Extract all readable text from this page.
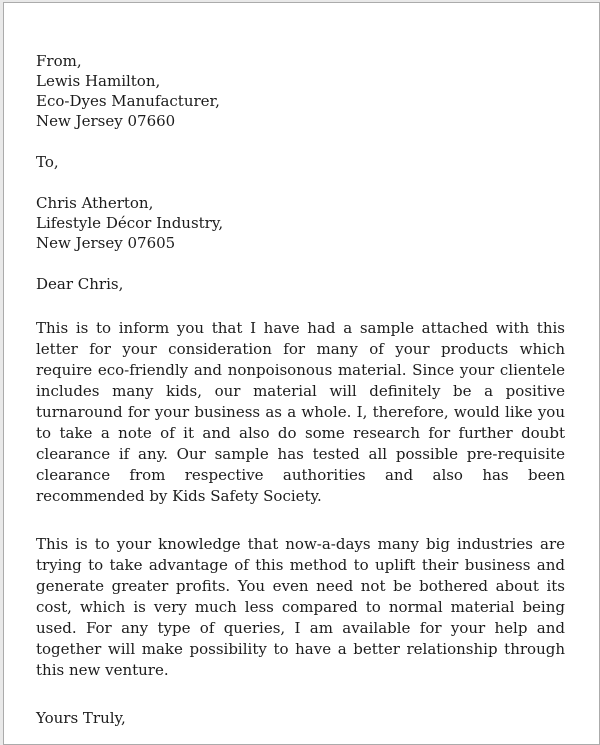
From,
Lewis Hamilton,
Eco-Dyes Manufacturer,
New Jersey 07660
To,
Chris Atherton,
Lifestyle Décor Industry,
New Jersey 07605

Dear Chris,

This is to inform you that I have had a sample attached with this letter for your consideration for many of your products which require eco-friendly and nonpoisonous material. Since your clientele includes many kids, our material will definitely be a positive turnaround for your business as a whole. I, therefore, would like you to take a note of it and also do some research for further doubt clearance if any. Our sample has tested all possible pre-requisite clearance from respective authorities and also has been recommended by Kids Safety Society.

This is to your knowledge that now-a-days many big industries are trying to take advantage of this method to uplift their business and generate greater profits. You even need not be bothered about its cost, which is very much less compared to normal material being used. For any type of queries, I am available for your help and together will make possibility to have a better relationship through this new venture.

Yours Truly,
